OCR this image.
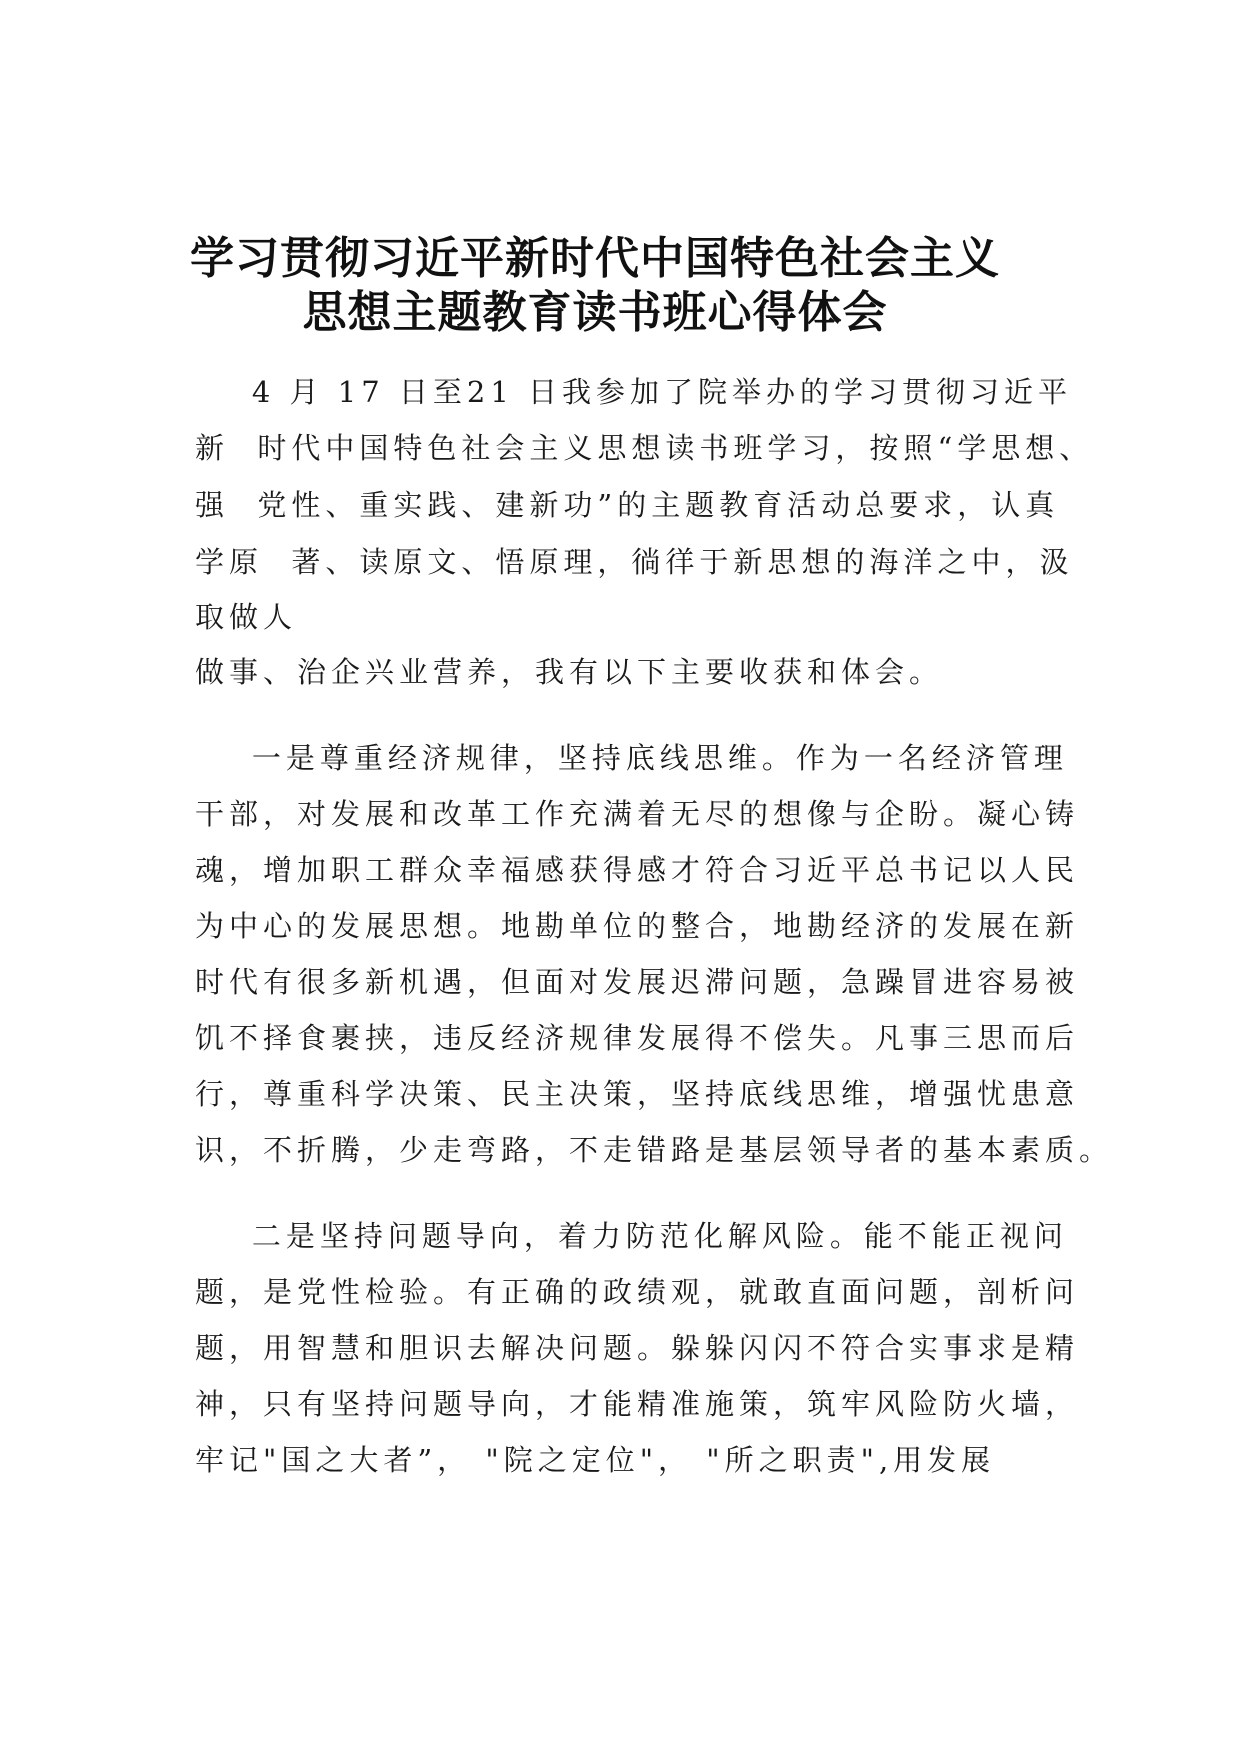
学习贯彻习近平新时代中国特色社会主义
思想主题教育读书班心得体会

4 月 17 日至21 日我参加了院举办的学习贯彻习近平

新  时代中国特色社会主义思想读书班学习，按照“学思想、

强  党性、重实践、建新功”的主题教育活动总要求，认真

学原  著、读原文、悟原理，徜徉于新思想的海洋之中，汲

取做人

做事、治企兴业营养，我有以下主要收获和体会。

一是尊重经济规律，坚持底线思维。作为一名经济管理

干部，对发展和改革工作充满着无尽的想像与企盼。凝心铸

魂，增加职工群众幸福感获得感才符合习近平总书记以人民

为中心的发展思想。地勘单位的整合，地勘经济的发展在新

时代有很多新机遇，但面对发展迟滞问题，急躁冒进容易被

饥不择食裹挟，违反经济规律发展得不偿失。凡事三思而后

行，尊重科学决策、民主决策，坚持底线思维，增强忧患意

识，不折腾，少走弯路，不走错路是基层领导者的基本素质。

二是坚持问题导向，着力防范化解风险。能不能正视问

题，是党性检验。有正确的政绩观，就敢直面问题，剖析问

题，用智慧和胆识去解决问题。躲躲闪闪不符合实事求是精

神，只有坚持问题导向，才能精准施策，筑牢风险防火墙，

牢记"国之大者”， "院之定位"， "所之职责",用发展
